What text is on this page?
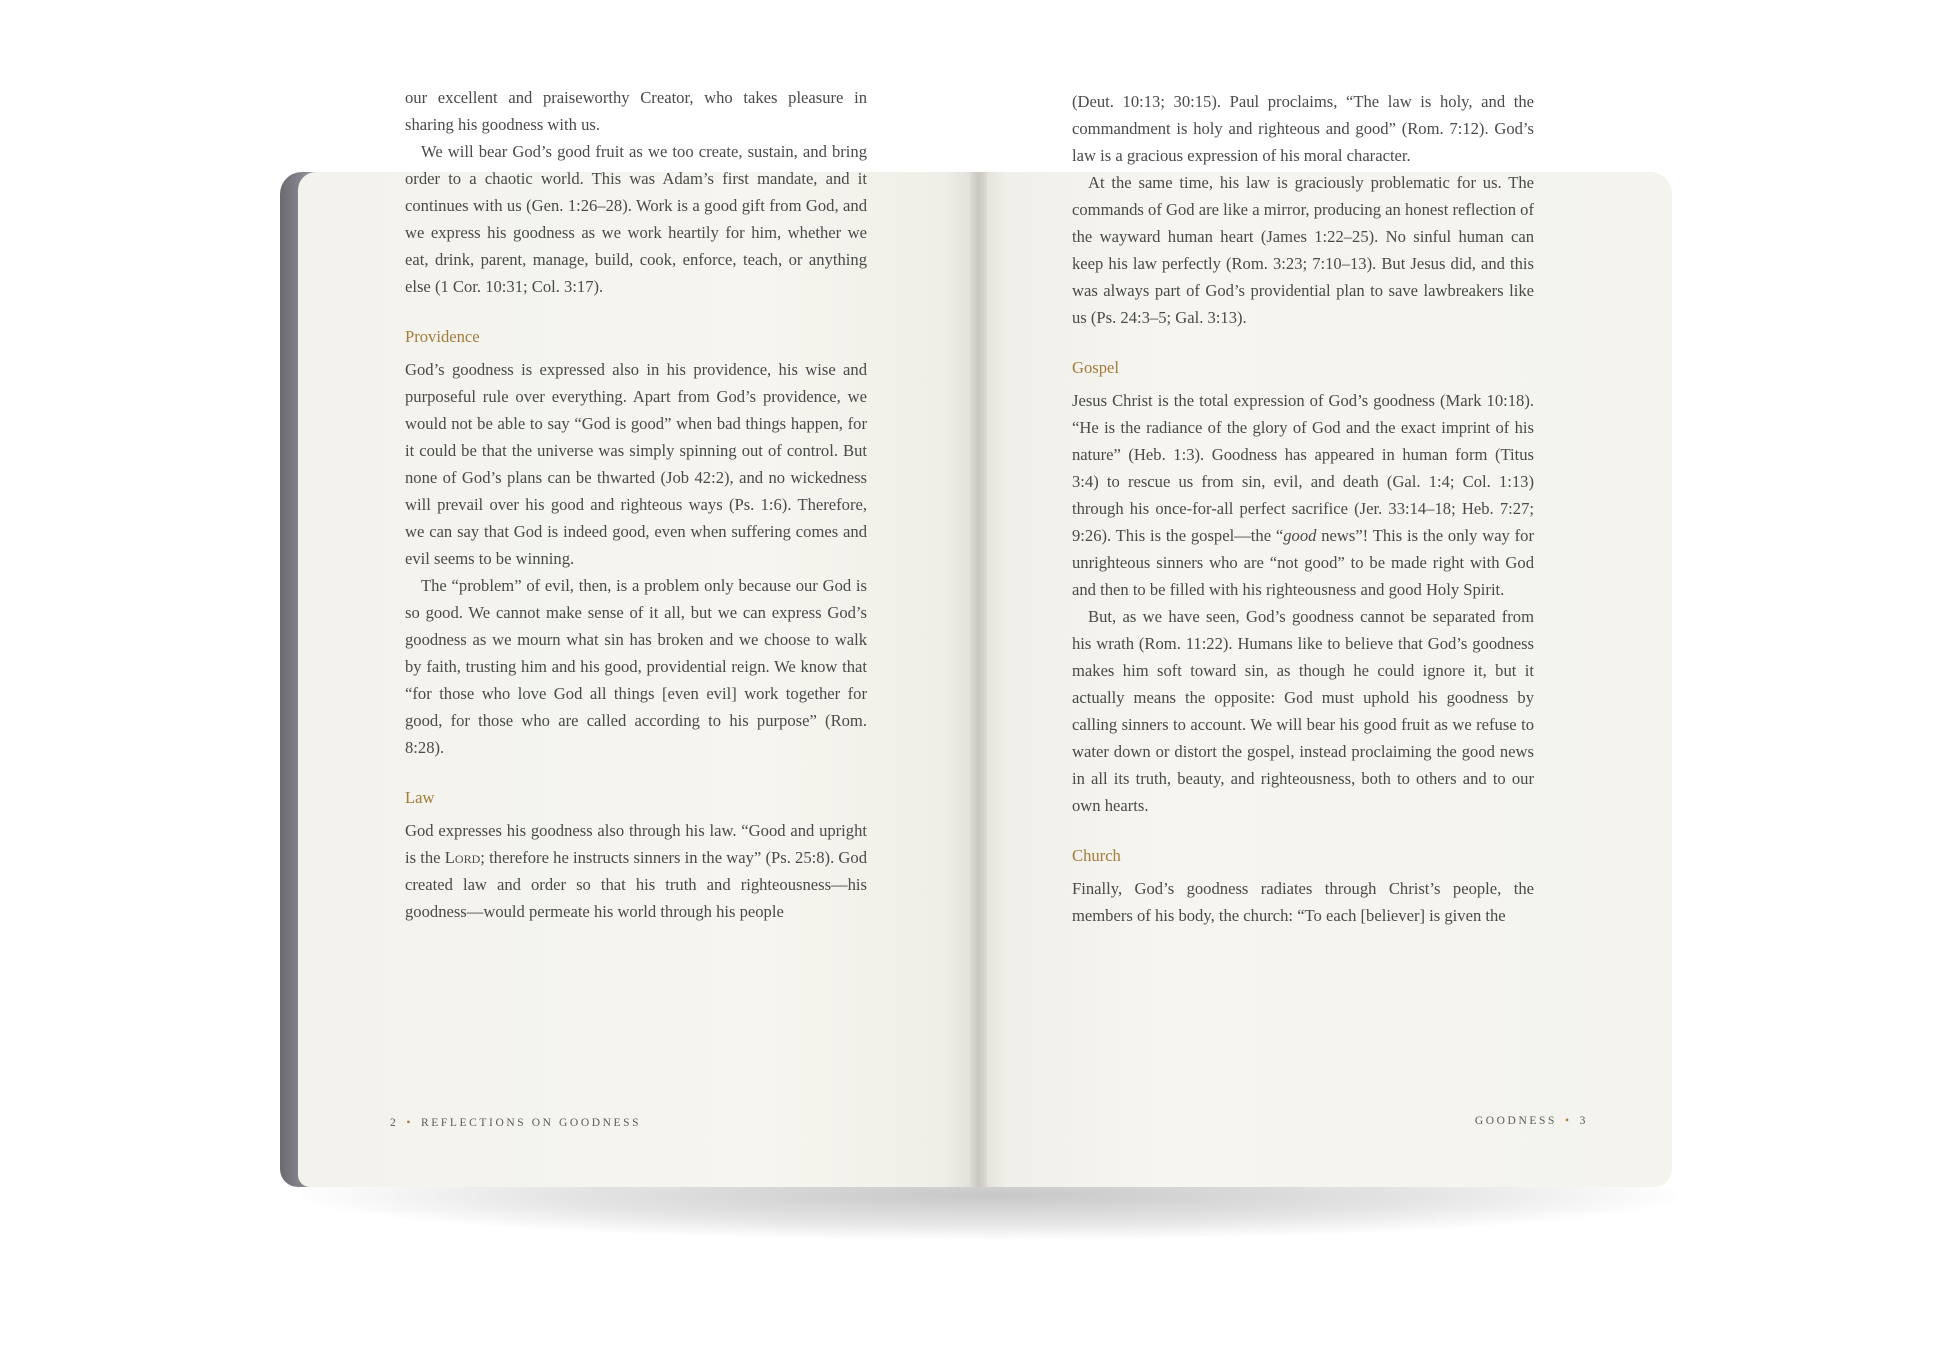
our excellent and praiseworthy Creator, who takes pleasure in sharing his goodness with us.

We will bear God’s good fruit as we too create, sustain, and bring order to a chaotic world. This was Adam’s first mandate, and it continues with us (Gen. 1:26–28). Work is a good gift from God, and we express his goodness as we work heartily for him, whether we eat, drink, parent, manage, build, cook, enforce, teach, or anything else (1 Cor. 10:31; Col. 3:17).

Providence

God’s goodness is expressed also in his providence, his wise and purposeful rule over everything. Apart from God’s providence, we would not be able to say “God is good” when bad things happen, for it could be that the universe was simply spinning out of control. But none of God’s plans can be thwarted (Job 42:2), and no wickedness will prevail over his good and righteous ways (Ps. 1:6). Therefore, we can say that God is indeed good, even when suffering comes and evil seems to be winning.

The “problem” of evil, then, is a problem only because our God is so good. We cannot make sense of it all, but we can express God’s goodness as we mourn what sin has broken and we choose to walk by faith, trusting him and his good, providential reign. We know that “for those who love God all things [even evil] work together for good, for those who are called according to his purpose” (Rom. 8:28).

Law

God expresses his goodness also through his law. “Good and upright is the Lord; therefore he instructs sinners in the way” (Ps. 25:8). God created law and order so that his truth and righteousness—his goodness—would permeate his world through his people

2 • REFLECTIONS ON GOODNESS

(Deut. 10:13; 30:15). Paul proclaims, “The law is holy, and the commandment is holy and righteous and good” (Rom. 7:12). God’s law is a gracious expression of his moral character.

At the same time, his law is graciously problematic for us. The commands of God are like a mirror, producing an honest reflection of the wayward human heart (James 1:22–25). No sinful human can keep his law perfectly (Rom. 3:23; 7:10–13). But Jesus did, and this was always part of God’s providential plan to save lawbreakers like us (Ps. 24:3–5; Gal. 3:13).

Gospel

Jesus Christ is the total expression of God’s goodness (Mark 10:18). “He is the radiance of the glory of God and the exact imprint of his nature” (Heb. 1:3). Goodness has appeared in human form (Titus 3:4) to rescue us from sin, evil, and death (Gal. 1:4; Col. 1:13) through his once-for-all perfect sacrifice (Jer. 33:14–18; Heb. 7:27; 9:26). This is the gospel—the “good news”! This is the only way for unrighteous sinners who are “not good” to be made right with God and then to be filled with his righteousness and good Holy Spirit.

But, as we have seen, God’s goodness cannot be separated from his wrath (Rom. 11:22). Humans like to believe that God’s goodness makes him soft toward sin, as though he could ignore it, but it actually means the opposite: God must uphold his goodness by calling sinners to account. We will bear his good fruit as we refuse to water down or distort the gospel, instead proclaiming the good news in all its truth, beauty, and righteousness, both to others and to our own hearts.

Church

Finally, God’s goodness radiates through Christ’s people, the members of his body, the church: “To each [believer] is given the

GOODNESS • 3
